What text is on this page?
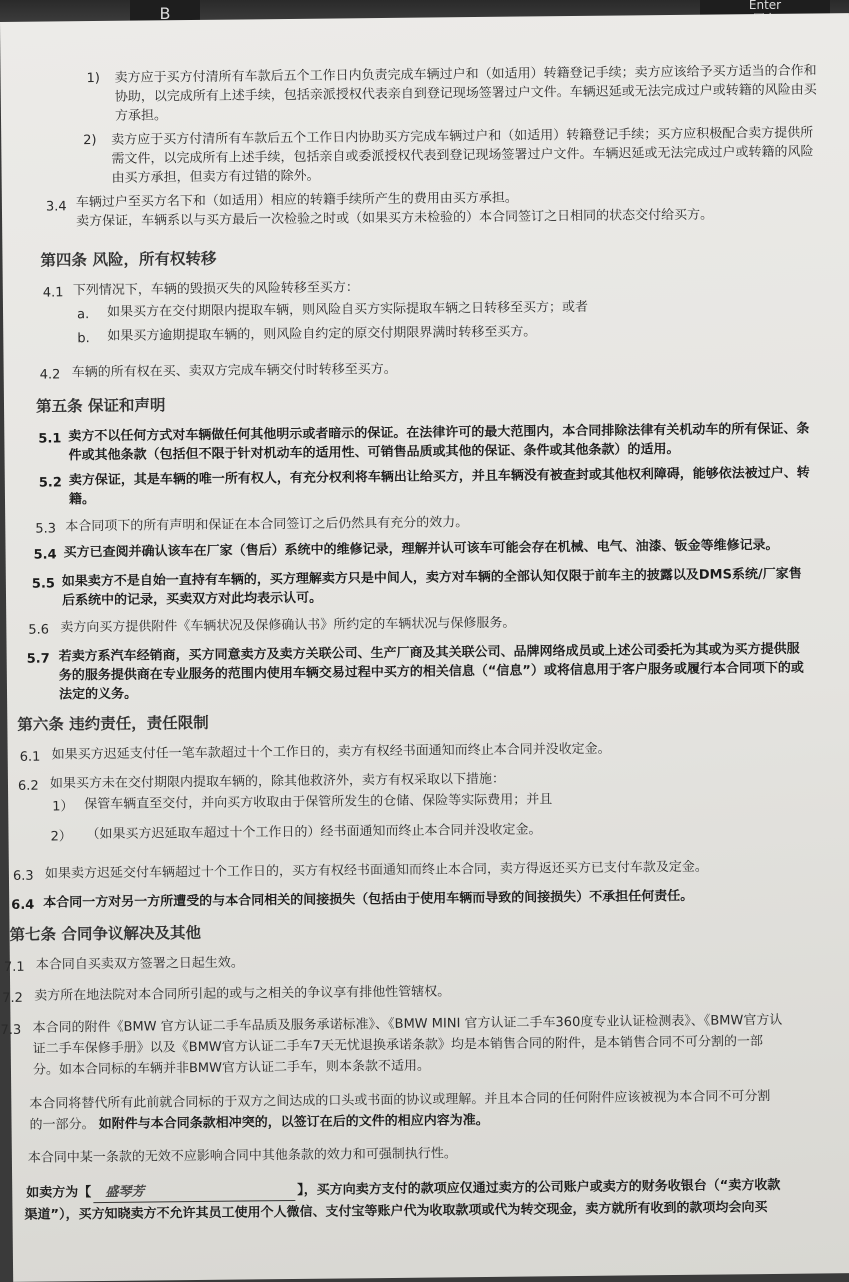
B	Enter
1) 卖方应于买方付清所有车款后五个工作日内负责完成车辆过户和（如适用）转籍登记手续；卖方应该给予买方适当的合作和
协助，以完成所有上述手续，包括亲派授权代表亲自到登记现场签署过户文件。车辆迟延或无法完成过户或转籍的风险由买
方承担。
2) 卖方应于买方付清所有车款后五个工作日内协助买方完成车辆过户和（如适用）转籍登记手续；买方应积极配合卖方提供所
需文件，以完成所有上述手续，包括亲自或委派授权代表到登记现场签署过户文件。车辆迟延或无法完成过户或转籍的风险
由买方承担，但卖方有过错的除外。
3.4 车辆过户至买方名下和（如适用）相应的转籍手续所产生的费用由买方承担。
卖方保证，车辆系以与买方最后一次检验之时或（如果买方未检验的）本合同签订之日相同的状态交付给买方。
第四条 风险，所有权转移
4.1 下列情况下，车辆的毁损灭失的风险转移至买方：
a. 如果买方在交付期限内提取车辆，则风险自买方实际提取车辆之日转移至买方；或者
b. 如果买方逾期提取车辆的，则风险自约定的原交付期限界满时转移至买方。
4.2 车辆的所有权在买、卖双方完成车辆交付时转移至买方。
第五条 保证和声明
5.1 卖方不以任何方式对车辆做任何其他明示或者暗示的保证。在法律许可的最大范围内，本合同排除法律有关机动车的所有保证、条
件或其他条款（包括但不限于针对机动车的适用性、可销售品质或其他的保证、条件或其他条款）的适用。
5.2 卖方保证，其是车辆的唯一所有权人，有充分权利将车辆出让给买方，并且车辆没有被查封或其他权利障碍，能够依法被过户、转
籍。
5.3 本合同项下的所有声明和保证在本合同签订之后仍然具有充分的效力。
5.4 买方已查阅并确认该车在厂家（售后）系统中的维修记录，理解并认可该车可能会存在机械、电气、油漆、钣金等维修记录。
5.5 如果卖方不是自始一直持有车辆的，买方理解卖方只是中间人，卖方对车辆的全部认知仅限于前车主的披露以及DMS系统/厂家售
后系统中的记录，买卖双方对此均表示认可。
5.6 卖方向买方提供附件《车辆状况及保修确认书》所约定的车辆状况与保修服务。
5.7 若卖方系汽车经销商，买方同意卖方及卖方关联公司、生产厂商及其关联公司、品牌网络成员或上述公司委托为其或为买方提供服
务的服务提供商在专业服务的范围内使用车辆交易过程中买方的相关信息（“信息”）或将信息用于客户服务或履行本合同项下的或
法定的义务。
第六条 违约责任，责任限制
6.1 如果买方迟延支付任一笔车款超过十个工作日的，卖方有权经书面通知而终止本合同并没收定金。
6.2 如果买方未在交付期限内提取车辆的，除其他救济外，卖方有权采取以下措施：
1） 保管车辆直至交付，并向买方收取由于保管所发生的仓储、保险等实际费用；并且
2） （如果买方迟延取车超过十个工作日的）经书面通知而终止本合同并没收定金。
6.3 如果卖方迟延交付车辆超过十个工作日的，买方有权经书面通知而终止本合同，卖方得返还买方已支付车款及定金。
6.4 本合同一方对另一方所遭受的与本合同相关的间接损失（包括由于使用车辆而导致的间接损失）不承担任何责任。
第七条 合同争议解决及其他
7.1 本合同自买卖双方签署之日起生效。
7.2 卖方所在地法院对本合同所引起的或与之相关的争议享有排他性管辖权。
7.3 本合同的附件《BMW 官方认证二手车品质及服务承诺标准》、《BMW MINI 官方认证二手车360度专业认证检测表》、《BMW官方认
证二手车保修手册》以及《BMW官方认证二手车7天无忧退换承诺条款》均是本销售合同的附件，是本销售合同不可分割的一部
分。如本合同标的车辆并非BMW官方认证二手车，则本条款不适用。
本合同将替代所有此前就合同标的于双方之间达成的口头或书面的协议或理解。并且本合同的任何附件应该被视为本合同不可分割
的一部分。 如附件与本合同条款相冲突的，以签订在后的文件的相应内容为准。
本合同中某一条款的无效不应影响合同中其他条款的效力和可强制执行性。
如卖方为【 盛琴芳	】，买方向卖方支付的款项应仅通过卖方的公司账户或卖方的财务收银台（“卖方收款
渠道”），买方知晓卖方不允许其员工使用个人微信、支付宝等账户代为收取款项或代为转交现金，卖方就所有收到的款项均会向买
